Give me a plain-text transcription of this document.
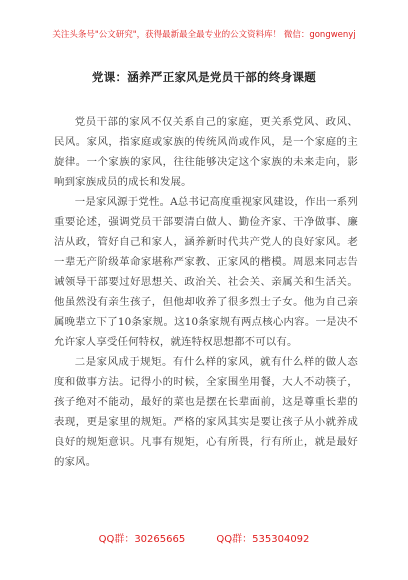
关注头条号"公文研究"，获得最新最全最专业的公文资料库！ 微信：gongwenyj
党课：涵养严正家风是党员干部的终身课题

党员干部的家风不仅关系自己的家庭，更关系党风、政风、民风。家风，指家庭或家族的传统风尚或作风，是一个家庭的主旋律。一个家族的家风，往往能够决定这个家族的未来走向，影响到家族成员的成长和发展。

一是家风源于党性。A总书记高度重视家风建设，作出一系列重要论述，强调党员干部要清白做人、勤俭齐家、干净做事、廉洁从政，管好自己和家人，涵养新时代共产党人的良好家风。老一辈无产阶级革命家堪称严家教、正家风的楷模。周恩来同志告诫领导干部要过好思想关、政治关、社会关、亲属关和生活关。他虽然没有亲生孩子，但他却收养了很多烈士子女。他为自己亲属晚辈立下了10条家规。这10条家规有两点核心内容。一是决不允许家人享受任何特权，就连特权思想都不可以有。

二是家风成于规矩。有什么样的家风，就有什么样的做人态度和做事方法。记得小的时候，全家围坐用餐，大人不动筷子，孩子绝对不能动，最好的菜也是摆在长辈面前，这是尊重长辈的表现，更是家里的规矩。严格的家风其实是要让孩子从小就养成良好的规矩意识。凡事有规矩，心有所畏，行有所止，就是最好的家风。

QQ群：30265665	QQ群：535304092
